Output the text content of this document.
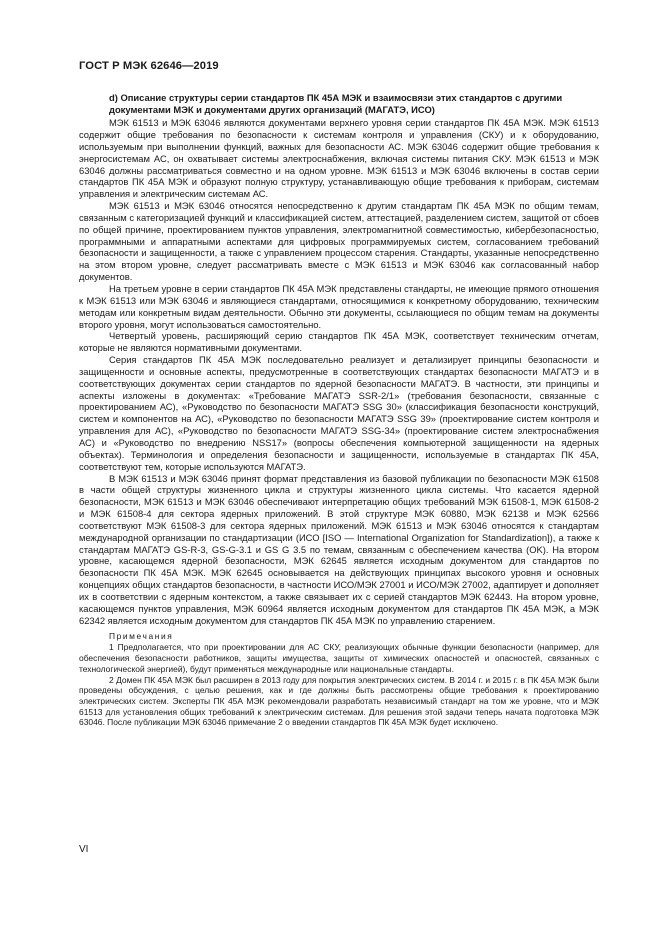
ГОСТ Р МЭК 62646—2019
d) Описание структуры серии стандартов ПК 45А МЭК и взаимосвязи этих стандартов с другими документами МЭК и документами других организаций (МАГАТЭ, ИСО)

МЭК 61513 и МЭК 63046 являются документами верхнего уровня серии стандартов ПК 45А МЭК. МЭК 61513 содержит общие требования по безопасности к системам контроля и управления (СКУ) и к оборудованию, используемым при выполнении функций, важных для безопасности АС. МЭК 63046 содержит общие требования к энергосистемам АС, он охватывает системы электроснабжения, включая системы питания СКУ. МЭК 61513 и МЭК 63046 должны рассматриваться совместно и на одном уровне. МЭК 61513 и МЭК 63046 включены в состав серии стандартов ПК 45А МЭК и образуют полную структуру, устанавливающую общие требования к приборам, системам управления и электрическим системам АС.

МЭК 61513 и МЭК 63046 относятся непосредственно к другим стандартам ПК 45А МЭК по общим темам, связанным с категоризацией функций и классификацией систем, аттестацией, разделением систем, защитой от сбоев по общей причине, проектированием пунктов управления, электромагнитной совместимостью, кибербезопасностью, программными и аппаратными аспектами для цифровых программируемых систем, согласованием требований безопасности и защищенности, а также с управлением процессом старения. Стандарты, указанные непосредственно на этом втором уровне, следует рассматривать вместе с МЭК 61513 и МЭК 63046 как согласованный набор документов.

На третьем уровне в серии стандартов ПК 45А МЭК представлены стандарты, не имеющие прямого отношения к МЭК 61513 или МЭК 63046 и являющиеся стандартами, относящимися к конкретному оборудованию, техническим методам или конкретным видам деятельности. Обычно эти документы, ссылающиеся по общим темам на документы второго уровня, могут использоваться самостоятельно.

Четвертый уровень, расширяющий серию стандартов ПК 45А МЭК, соответствует техническим отчетам, которые не являются нормативными документами.

Серия стандартов ПК 45А МЭК последовательно реализует и детализирует принципы безопасности и защищенности и основные аспекты, предусмотренные в соответствующих стандартах безопасности МАГАТЭ и в соответствующих документах серии стандартов по ядерной безопасности МАГАТЭ. В частности, эти принципы и аспекты изложены в документах: «Требование МАГАТЭ SSR-2/1» (требования безопасности, связанные с проектированием АС), «Руководство по безопасности МАГАТЭ SSG 30» (классификация безопасности конструкций, систем и компонентов на АС), «Руководство по безопасности МАГАТЭ SSG 39» (проектирование систем контроля и управления для АС), «Руководство по безопасности МАГАТЭ SSG-34» (проектирование систем электроснабжения АС) и «Руководство по внедрению NSS17» (вопросы обеспечения компьютерной защищенности на ядерных объектах). Терминология и определения безопасности и защищенности, используемые в стандартах ПК 45А, соответствуют тем, которые используются МАГАТЭ.

В МЭК 61513 и МЭК 63046 принят формат представления из базовой публикации по безопасности МЭК 61508 в части общей структуры жизненного цикла и структуры жизненного цикла системы. Что касается ядерной безопасности, МЭК 61513 и МЭК 63046 обеспечивают интерпретацию общих требований МЭК 61508-1, МЭК 61508-2 и МЭК 61508-4 для сектора ядерных приложений. В этой структуре МЭК 60880, МЭК 62138 и МЭК 62566 соответствуют МЭК 61508-3 для сектора ядерных приложений. МЭК 61513 и МЭК 63046 относятся к стандартам международной организации по стандартизации (ИСО [ISO — International Organization for Standardization]), а также к стандартам МАГАТЭ GS-R-3, GS-G-3.1 и GS G 3.5 по темам, связанным с обеспечением качества (OK). На втором уровне, касающемся ядерной безопасности, МЭК 62645 является исходным документом для стандартов по безопасности ПК 45А МЭК. МЭК 62645 основывается на действующих принципах высокого уровня и основных концепциях общих стандартов безопасности, в частности ИСО/МЭК 27001 и ИСО/МЭК 27002, адаптирует и дополняет их в соответствии с ядерным контекстом, а также связывает их с серией стандартов МЭК 62443. На втором уровне, касающемся пунктов управления, МЭК 60964 является исходным документом для стандартов ПК 45А МЭК, а МЭК 62342 является исходным документом для стандартов ПК 45А МЭК по управлению старением.

Примечания

1 Предполагается, что при проектировании для АС СКУ, реализующих обычные функции безопасности (например, для обеспечения безопасности работников, защиты имущества, защиты от химических опасностей и опасностей, связанных с технологической энергией), будут применяться международные или национальные стандарты.

2 Домен ПК 45А МЭК был расширен в 2013 году для покрытия электрических систем. В 2014 г. и 2015 г. в ПК 45А МЭК были проведены обсуждения, с целью решения, как и где должны быть рассмотрены общие требования к проектированию электрических систем. Эксперты ПК 45А МЭК рекомендовали разработать независимый стандарт на том же уровне, что и МЭК 61513 для установления общих требований к электрическим системам. Для решения этой задачи теперь начата подготовка МЭК 63046. После публикации МЭК 63046 примечание 2 о введении стандартов ПК 45А МЭК будет исключено.

VI
